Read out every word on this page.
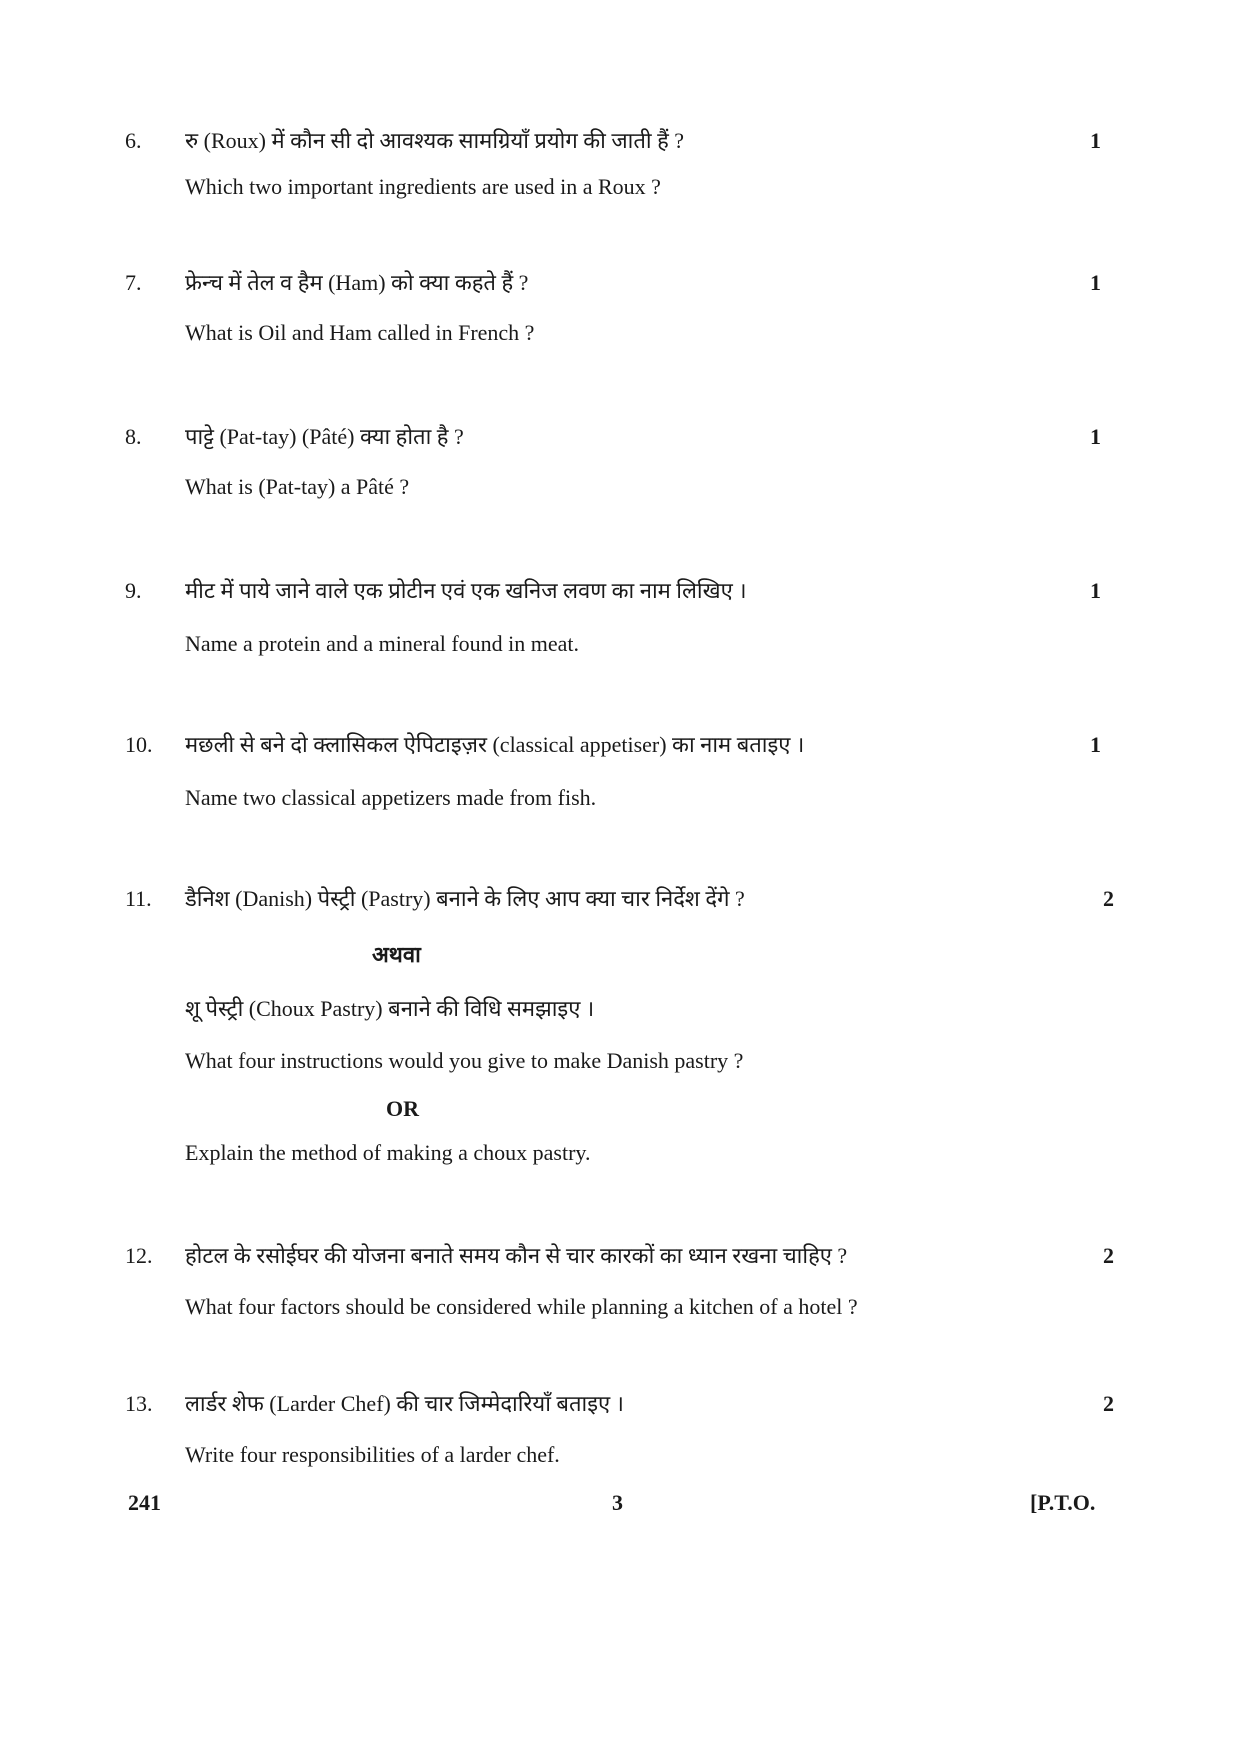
6. रु (Roux) में कौन सी दो आवश्यक सामग्रियाँ प्रयोग की जाती हैं ?	1
Which two important ingredients are used in a Roux ?
7. फ्रेन्च में तेल व हैम (Ham) को क्या कहते हैं ?	1
What is Oil and Ham called in French ?
8. पाट्टे (Pat-tay) (Pâté) क्या होता है ?	1
What is (Pat-tay) a Pâté ?
9. मीट में पाये जाने वाले एक प्रोटीन एवं एक खनिज लवण का नाम लिखिए ।	1
Name a protein and a mineral found in meat.
10. मछली से बने दो क्लासिकल ऐपिटाइज़र (classical appetiser) का नाम बताइए ।	1
Name two classical appetizers made from fish.
11. डैनिश (Danish) पेस्ट्री (Pastry) बनाने के लिए आप क्या चार निर्देश देंगे ?	2
अथवा
शू पेस्ट्री (Choux Pastry) बनाने की विधि समझाइए ।
What four instructions would you give to make Danish pastry ?
OR
Explain the method of making a choux pastry.
12. होटल के रसोईघर की योजना बनाते समय कौन से चार कारकों का ध्यान रखना चाहिए ?	2
What four factors should be considered while planning a kitchen of a hotel ?
13. लार्डर शेफ (Larder Chef) की चार जिम्मेदारियाँ बताइए ।	2
Write four responsibilities of a larder chef.
241	3	[P.T.O.
